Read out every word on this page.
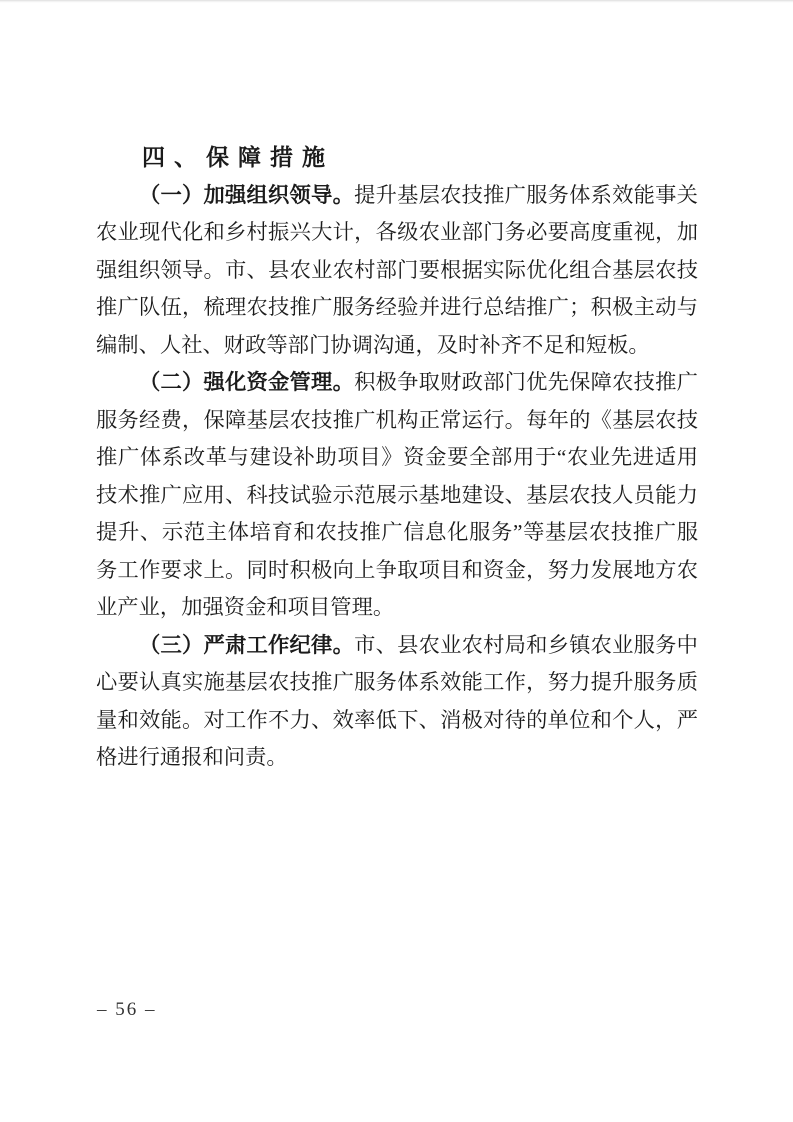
四、保障措施
（一）加强组织领导。提升基层农技推广服务体系效能事关
农业现代化和乡村振兴大计，各级农业部门务必要高度重视，加
强组织领导。市、县农业农村部门要根据实际优化组合基层农技
推广队伍，梳理农技推广服务经验并进行总结推广；积极主动与
编制、人社、财政等部门协调沟通，及时补齐不足和短板。
（二）强化资金管理。积极争取财政部门优先保障农技推广
服务经费，保障基层农技推广机构正常运行。每年的《基层农技
推广体系改革与建设补助项目》资金要全部用于“农业先进适用
技术推广应用、科技试验示范展示基地建设、基层农技人员能力
提升、示范主体培育和农技推广信息化服务”等基层农技推广服
务工作要求上。同时积极向上争取项目和资金，努力发展地方农
业产业，加强资金和项目管理。
（三）严肃工作纪律。市、县农业农村局和乡镇农业服务中
心要认真实施基层农技推广服务体系效能工作，努力提升服务质
量和效能。对工作不力、效率低下、消极对待的单位和个人，严
格进行通报和问责。
– 56 –
